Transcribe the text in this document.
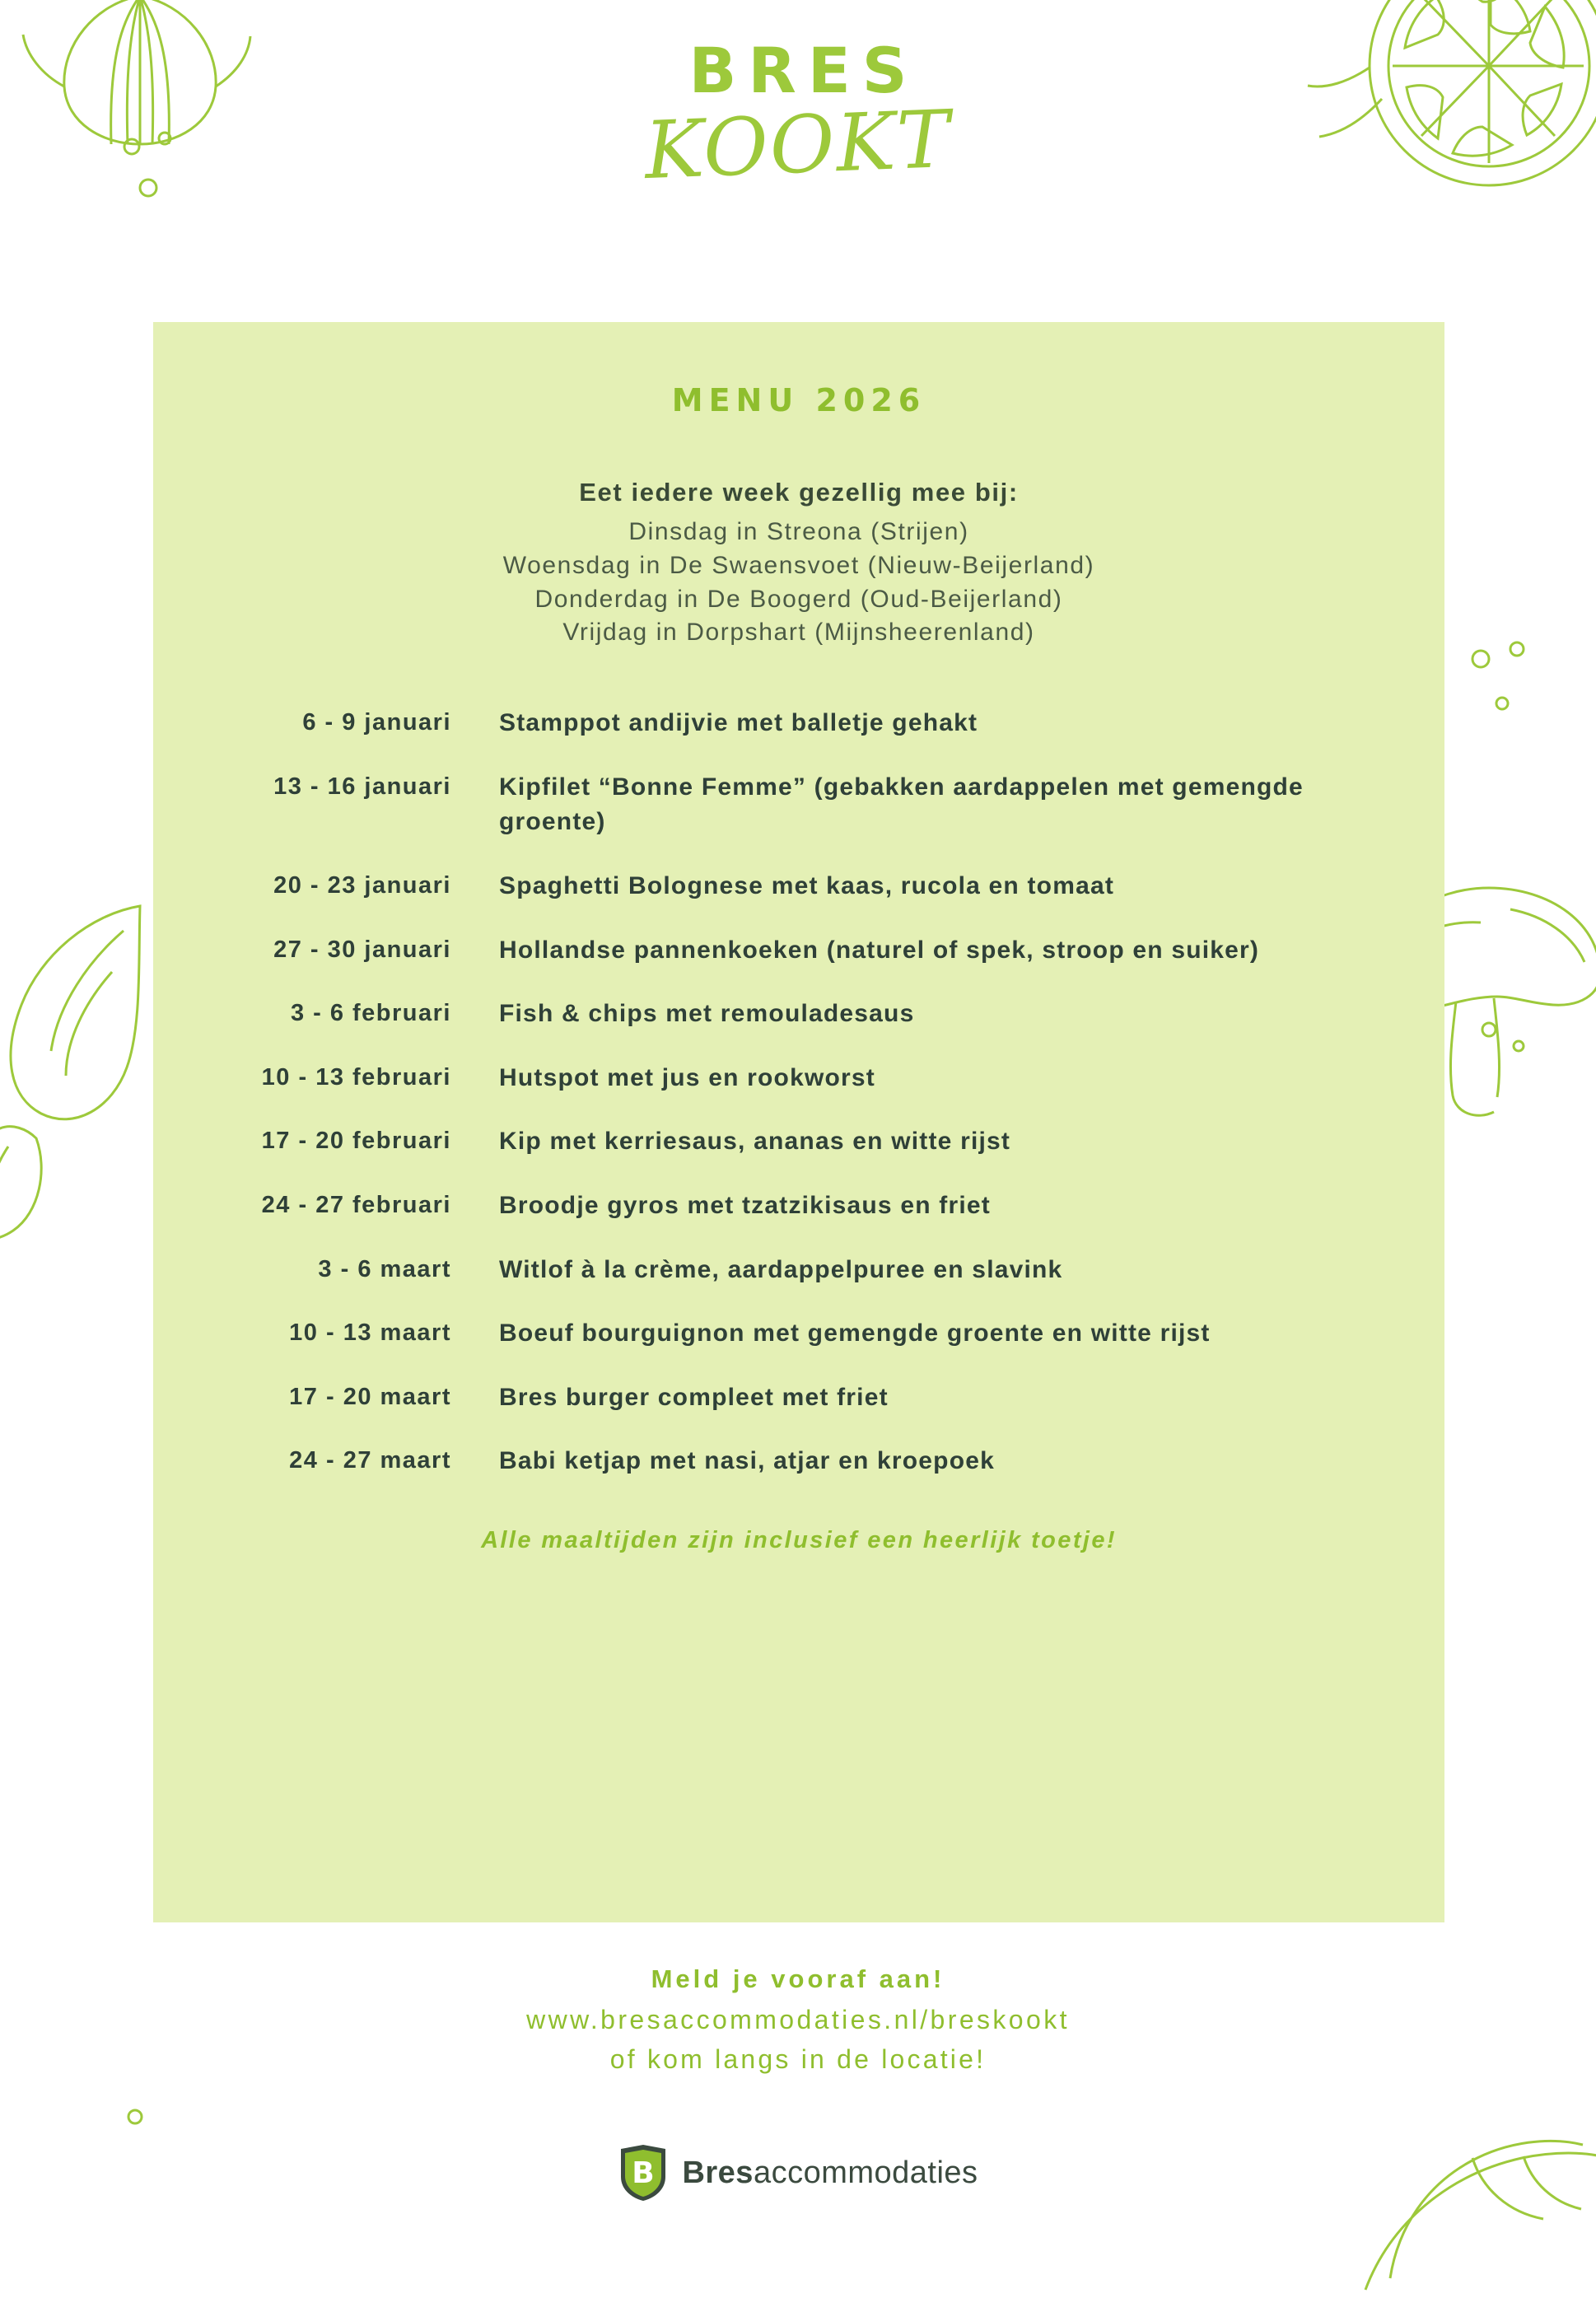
BRES
KOOKT
MENU 2026
Eet iedere week gezellig mee bij:
Dinsdag in Streona (Strijen)
Woensdag in De Swaensvoet (Nieuw-Beijerland)
Donderdag in De Boogerd (Oud-Beijerland)
Vrijdag in Dorpshart (Mijnsheerenland)
6 - 9 januari	Stamppot andijvie met balletje gehakt
13 - 16 januari	Kipfilet “Bonne Femme” (gebakken aardappelen met gemengde groente)
20 - 23 januari	Spaghetti Bolognese met kaas, rucola en tomaat
27 - 30 januari	Hollandse pannenkoeken (naturel of spek, stroop en suiker)
3 - 6 februari	Fish & chips met remouladesaus
10 - 13 februari	Hutspot met jus en rookworst
17 - 20 februari	Kip met kerriesaus, ananas en witte rijst
24 - 27 februari	Broodje gyros met tzatzikisaus en friet
3 - 6 maart	Witlof à la crème, aardappelpuree en slavink
10 - 13 maart	Boeuf bourguignon met gemengde groente en witte rijst
17 - 20 maart	Bres burger compleet met friet
24 - 27 maart	Babi ketjap met nasi, atjar en kroepoek
Alle maaltijden zijn inclusief een heerlijk toetje!
Meld je vooraf aan!
www.bresaccommodaties.nl/breskookt
of kom langs in de locatie!
B Bresaccommodaties
